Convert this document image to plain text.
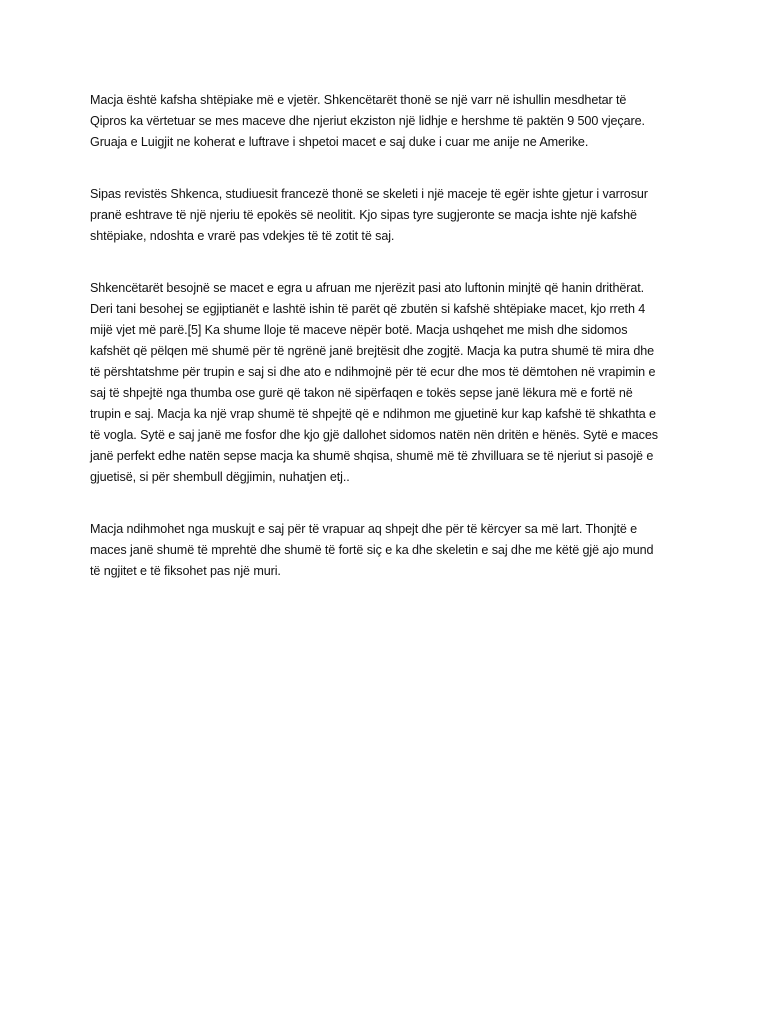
Macja është kafsha shtëpiake më e vjetër. Shkencëtarët thonë se një varr në ishullin mesdhetar të
Qipros ka vërtetuar se mes maceve dhe njeriut ekziston një lidhje e hershme të paktën 9 500 vjeçare.
Gruaja e Luigjit ne koherat e luftrave i shpetoi macet e saj duke i cuar me anije ne Amerike.

Sipas revistës Shkenca, studiuesit francezë thonë se skeleti i një maceje të egër ishte gjetur i varrosur
pranë eshtrave të një njeriu të epokës së neolitit. Kjo sipas tyre sugjeronte se macja ishte një kafshë
shtëpiake, ndoshta e vrarë pas vdekjes të të zotit të saj.

Shkencëtarët besojnë se macet e egra u afruan me njerëzit pasi ato luftonin minjtë që hanin drithërat.
Deri tani besohej se egjiptianët e lashtë ishin të parët që zbutën si kafshë shtëpiake macet, kjo rreth 4
mijë vjet më parë.[5] Ka shume lloje të maceve nëpër botë. Macja ushqehet me mish dhe sidomos
kafshët që pëlqen më shumë për të ngrënë janë brejtësit dhe zogjtë. Macja ka putra shumë të mira dhe
të përshtatshme për trupin e saj si dhe ato e ndihmojnë për të ecur dhe mos të dëmtohen në vrapimin e
saj të shpejtë nga thumba ose gurë që takon në sipërfaqen e tokës sepse janë lëkura më e fortë në
trupin e saj. Macja ka një vrap shumë të shpejtë që e ndihmon me gjuetinë kur kap kafshë të shkathta e
të vogla. Sytë e saj janë me fosfor dhe kjo gjë dallohet sidomos natën nën dritën e hënës. Sytë e maces
janë perfekt edhe natën sepse macja ka shumë shqisa, shumë më të zhvilluara se të njeriut si pasojë e
gjuetisë, si për shembull dëgjimin, nuhatjen etj..

Macja ndihmohet nga muskujt e saj për të vrapuar aq shpejt dhe për të kërcyer sa më lart. Thonjtë e
maces janë shumë të mprehtë dhe shumë të fortë siç e ka dhe skeletin e saj dhe me këtë gjë ajo mund
të ngjitet e të fiksohet pas një muri.
